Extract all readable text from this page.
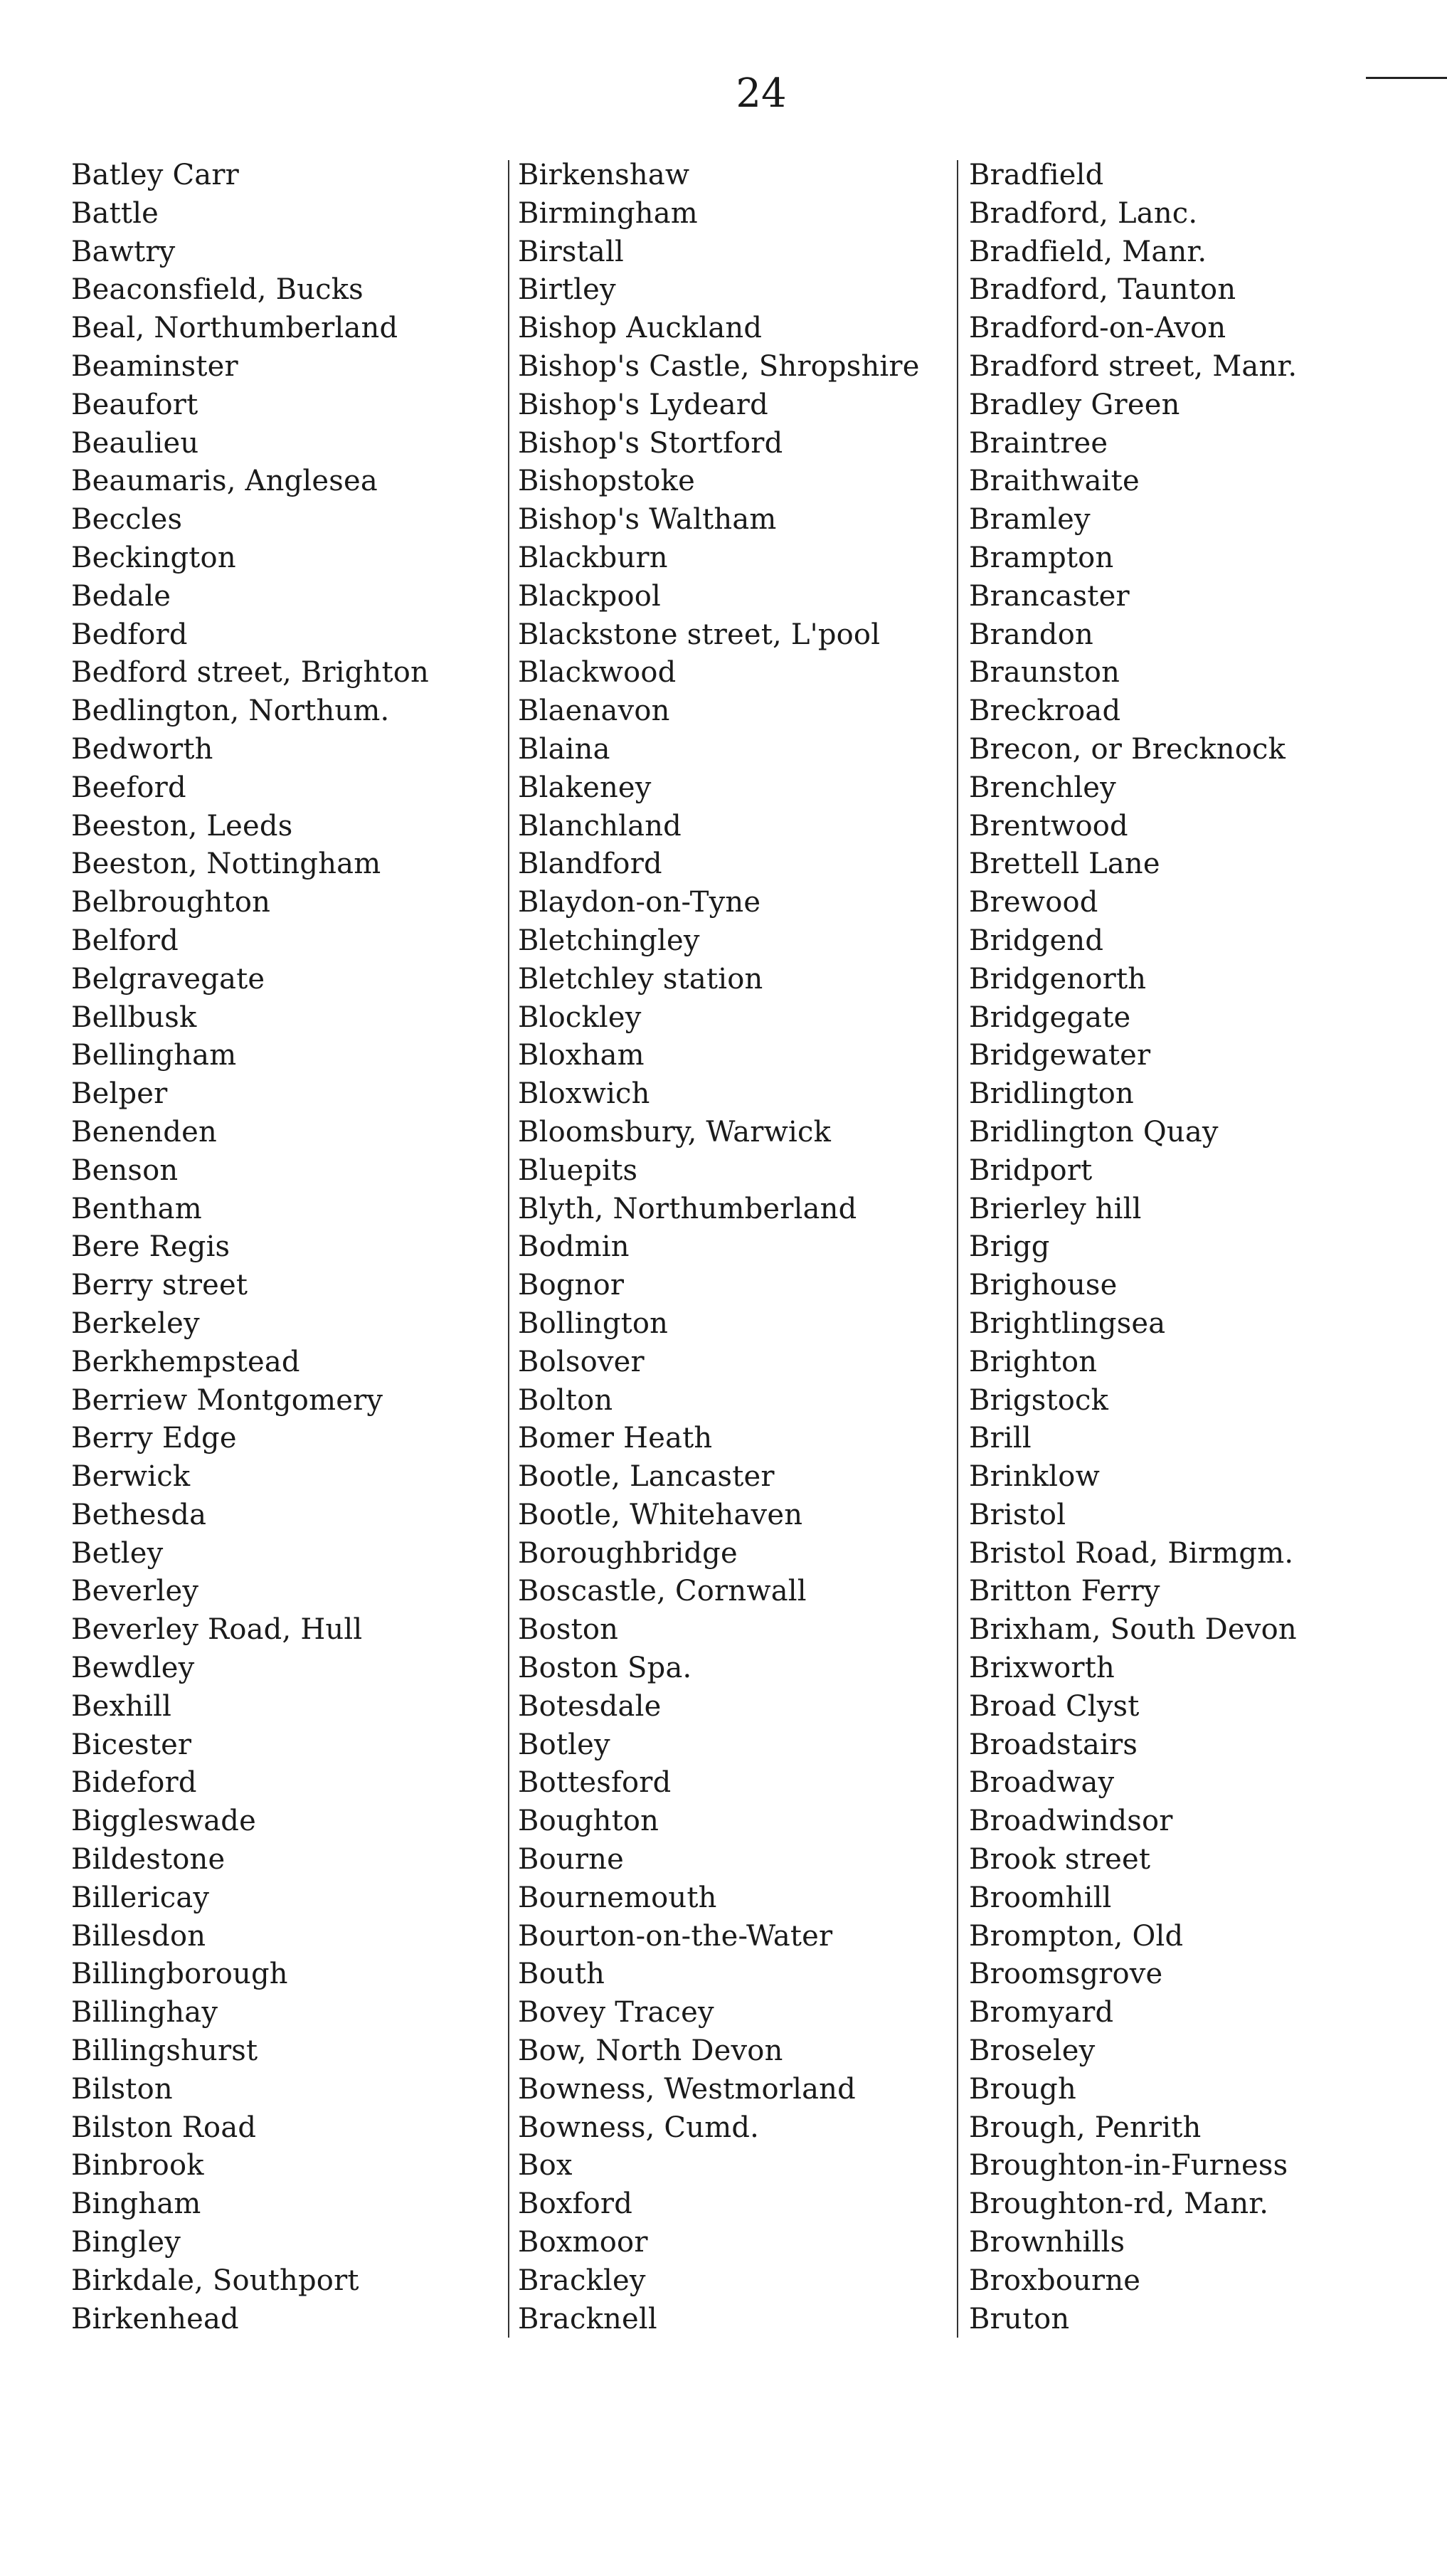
24
Batley Carr
Battle
Bawtry
Beaconsfield, Bucks
Beal, Northumberland
Beaminster
Beaufort
Beaulieu
Beaumaris, Anglesea
Beccles
Beckington
Bedale
Bedford
Bedford street, Brighton
Bedlington, Northum.
Bedworth
Beeford
Beeston, Leeds
Beeston, Nottingham
Belbroughton
Belford
Belgravegate
Bellbusk
Bellingham
Belper
Benenden
Benson
Bentham
Bere Regis
Berry street
Berkeley
Berkhempstead
Berriew Montgomery
Berry Edge
Berwick
Bethesda
Betley
Beverley
Beverley Road, Hull
Bewdley
Bexhill
Bicester
Bideford
Biggleswade
Bildestone
Billericay
Billesdon
Billingborough
Billinghay
Billingshurst
Bilston
Bilston Road
Binbrook
Bingham
Bingley
Birkdale, Southport
Birkenhead
Birkenshaw
Birmingham
Birstall
Birtley
Bishop Auckland
Bishop's Castle, Shropshire
Bishop's Lydeard
Bishop's Stortford
Bishopstoke
Bishop's Waltham
Blackburn
Blackpool
Blackstone street, L'pool
Blackwood
Blaenavon
Blaina
Blakeney
Blanchland
Blandford
Blaydon-on-Tyne
Bletchingley
Bletchley station
Blockley
Bloxham
Bloxwich
Bloomsbury, Warwick
Bluepits
Blyth, Northumberland
Bodmin
Bognor
Bollington
Bolsover
Bolton
Bomer Heath
Bootle, Lancaster
Bootle, Whitehaven
Boroughbridge
Boscastle, Cornwall
Boston
Boston Spa.
Botesdale
Botley
Bottesford
Boughton
Bourne
Bournemouth
Bourton-on-the-Water
Bouth
Bovey Tracey
Bow, North Devon
Bowness, Westmorland
Bowness, Cumd.
Box
Boxford
Boxmoor
Brackley
Bracknell
Bradfield
Bradford, Lanc.
Bradfield, Manr.
Bradford, Taunton
Bradford-on-Avon
Bradford street, Manr.
Bradley Green
Braintree
Braithwaite
Bramley
Brampton
Brancaster
Brandon
Braunston
Breckroad
Brecon, or Brecknock
Brenchley
Brentwood
Brettell Lane
Brewood
Bridgend
Bridgenorth
Bridgegate
Bridgewater
Bridlington
Bridlington Quay
Bridport
Brierley hill
Brigg
Brighouse
Brightlingsea
Brighton
Brigstock
Brill
Brinklow
Bristol
Bristol Road, Birmgm.
Britton Ferry
Brixham, South Devon
Brixworth
Broad Clyst
Broadstairs
Broadway
Broadwindsor
Brook street
Broomhill
Brompton, Old
Broomsgrove
Bromyard
Broseley
Brough
Brough, Penrith
Broughton-in-Furness
Broughton-rd, Manr.
Brownhills
Broxbourne
Bruton
